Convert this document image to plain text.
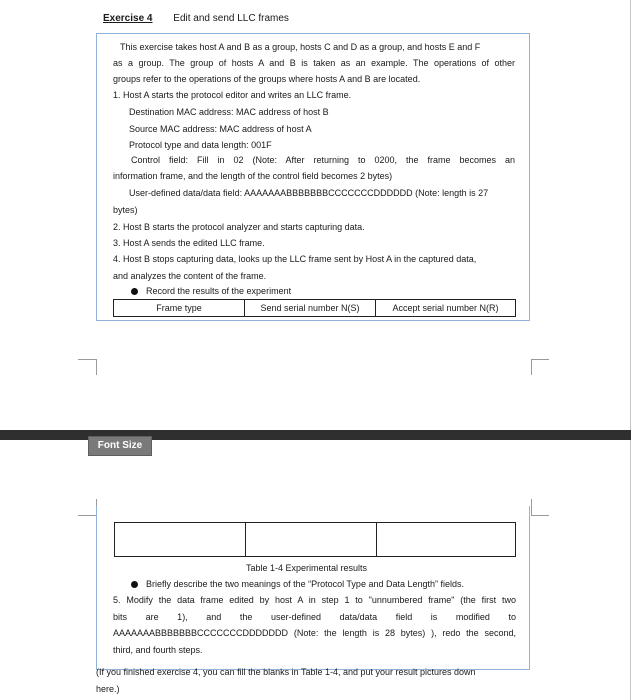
Exercise 4 Edit and send LLC frames
This exercise takes host A and B as a group, hosts C and D as a group, and hosts E and F
as a group. The group of hosts A and B is taken as an example. The operations of other
groups refer to the operations of the groups where hosts A and B are located.
1. Host A starts the protocol editor and writes an LLC frame.
Destination MAC address: MAC address of host B
Source MAC address: MAC address of host A
Protocol type and data length: 001F
Control field: Fill in 02 (Note: After returning to 0200, the frame becomes an
information frame, and the length of the control field becomes 2 bytes)
User-defined data/data field: AAAAAAABBBBBBBCCCCCCCDDDDDD (Note: length is 27
bytes)
2. Host B starts the protocol analyzer and starts capturing data.
3. Host A sends the edited LLC frame.
4. Host B stops capturing data, looks up the LLC frame sent by Host A in the captured data,
and analyzes the content of the frame.
Record the results of the experiment
Frame type	Send serial number N(S)	Accept serial number N(R)

Table 1-4 Experimental results
Briefly describe the two meanings of the “Protocol Type and Data Length” fields.
5. Modify the data frame edited by host A in step 1 to "unnumbered frame" (the first two
bits are 1), and the user-defined data/data field is modified to
AAAAAAABBBBBBBCCCCCCCDDDDDDD (Note: the length is 28 bytes) ), redo the second,
third, and fourth steps.
(If you finished exercise 4, you can fill the blanks in Table 1-4, and put your result pictures down
here.)
Font Size
